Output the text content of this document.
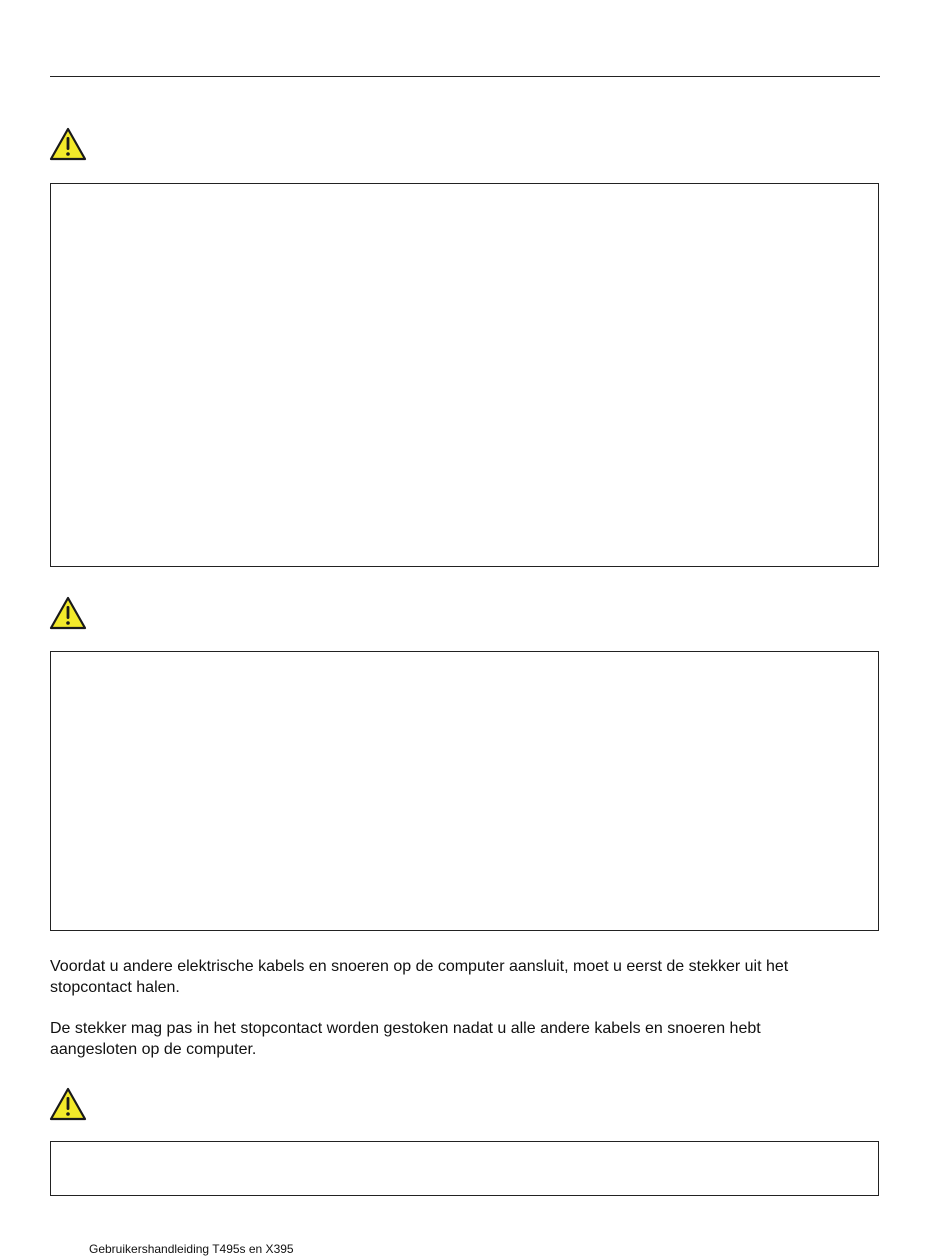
Voordat u andere elektrische kabels en snoeren op de computer aansluit, moet u eerst de stekker uit het stopcontact halen.

De stekker mag pas in het stopcontact worden gestoken nadat u alle andere kabels en snoeren hebt aangesloten op de computer.

Gebruikershandleiding T495s en X395
